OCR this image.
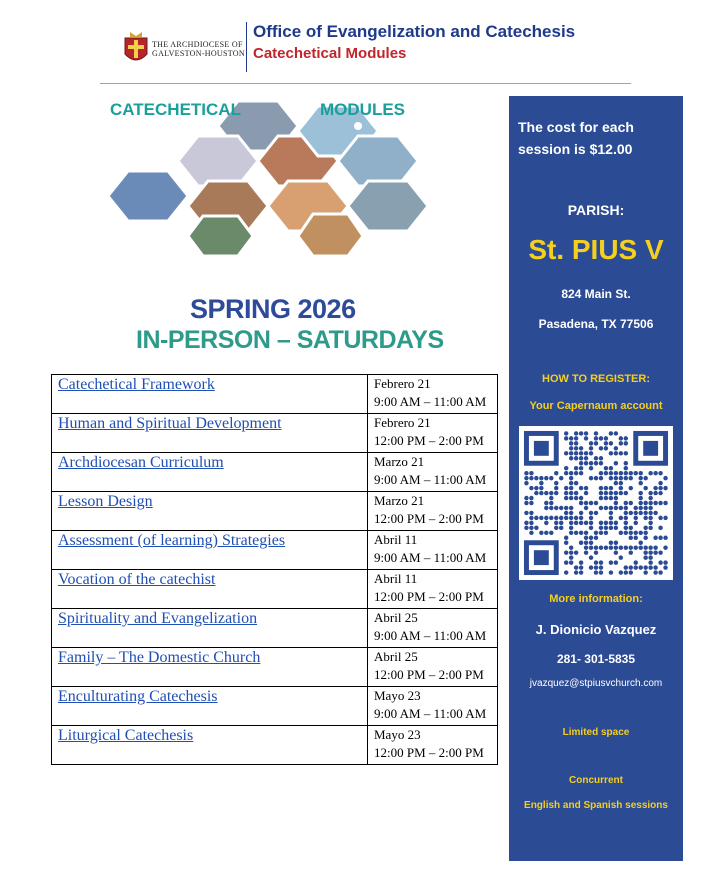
THE ARCHDIOCESE OF
GALVESTON-HOUSTON
Office of Evangelization and Catechesis
Catechetical Modules
CATECHETICAL	MODULES
SPRING 2026
IN-PERSON – SATURDAYS
Catechetical Framework	Febrero 21
9:00 AM – 11:00 AM

Human and Spiritual Development	Febrero 21
12:00 PM – 2:00 PM

Archdiocesan Curriculum	Marzo 21
9:00 AM – 11:00 AM

Lesson Design	Marzo 21
12:00 PM – 2:00 PM

Assessment (of learning) Strategies	Abril 11
9:00 AM – 11:00 AM

Vocation of the catechist	Abril 11
12:00 PM – 2:00 PM

Spirituality and Evangelization	Abril 25
9:00 AM – 11:00 AM

Family – The Domestic Church	Abril 25
12:00 PM – 2:00 PM

Enculturating Catechesis	Mayo 23
9:00 AM – 11:00 AM

Liturgical Catechesis	Mayo 23
12:00 PM – 2:00 PM
The cost for each
session is $12.00
PARISH:
St. PIUS V
824 Main St.
Pasadena, TX 77506
HOW TO REGISTER:
Your Capernaum account
More information:
J. Dionicio Vazquez
281- 301-5835
jvazquez@stpiusvchurch.com
Limited space
Concurrent
English and Spanish sessions
